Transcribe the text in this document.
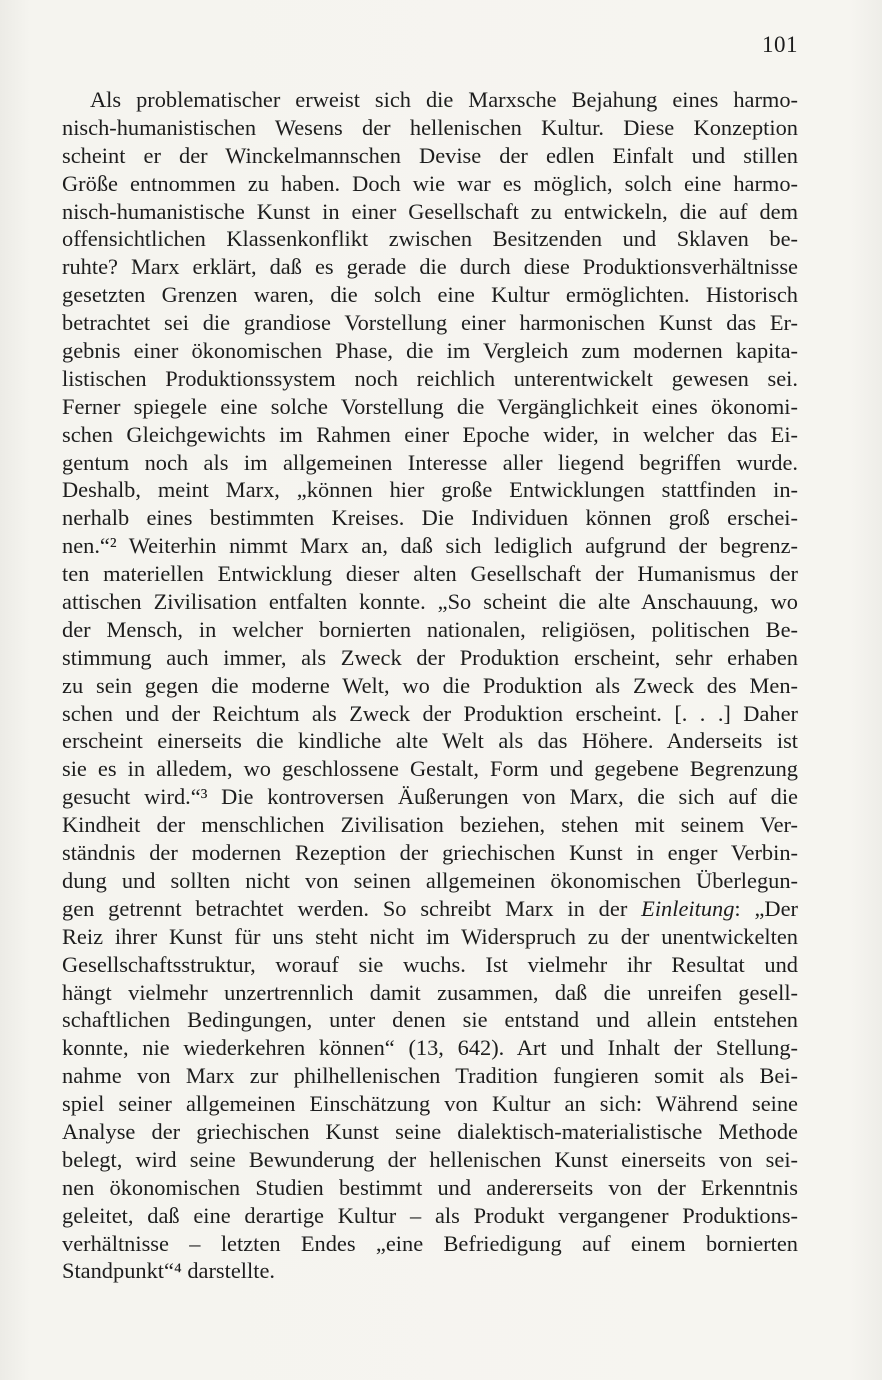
101
Als problematischer erweist sich die Marxsche Bejahung eines harmo-
nisch-humanistischen Wesens der hellenischen Kultur. Diese Konzeption
scheint er der Winckelmannschen Devise der edlen Einfalt und stillen
Größe entnommen zu haben. Doch wie war es möglich, solch eine harmo-
nisch-humanistische Kunst in einer Gesellschaft zu entwickeln, die auf dem
offensichtlichen Klassenkonflikt zwischen Besitzenden und Sklaven be-
ruhte? Marx erklärt, daß es gerade die durch diese Produktionsverhältnisse
gesetzten Grenzen waren, die solch eine Kultur ermöglichten. Historisch
betrachtet sei die grandiose Vorstellung einer harmonischen Kunst das Er-
gebnis einer ökonomischen Phase, die im Vergleich zum modernen kapita-
listischen Produktionssystem noch reichlich unterentwickelt gewesen sei.
Ferner spiegele eine solche Vorstellung die Vergänglichkeit eines ökonomi-
schen Gleichgewichts im Rahmen einer Epoche wider, in welcher das Ei-
gentum noch als im allgemeinen Interesse aller liegend begriffen wurde.
Deshalb, meint Marx, „können hier große Entwicklungen stattfinden in-
nerhalb eines bestimmten Kreises. Die Individuen können groß erschei-
nen.“² Weiterhin nimmt Marx an, daß sich lediglich aufgrund der begrenz-
ten materiellen Entwicklung dieser alten Gesellschaft der Humanismus der
attischen Zivilisation entfalten konnte. „So scheint die alte Anschauung, wo
der Mensch, in welcher bornierten nationalen, religiösen, politischen Be-
stimmung auch immer, als Zweck der Produktion erscheint, sehr erhaben
zu sein gegen die moderne Welt, wo die Produktion als Zweck des Men-
schen und der Reichtum als Zweck der Produktion erscheint. [. . .] Daher
erscheint einerseits die kindliche alte Welt als das Höhere. Anderseits ist
sie es in alledem, wo geschlossene Gestalt, Form und gegebene Begrenzung
gesucht wird.“³ Die kontroversen Äußerungen von Marx, die sich auf die
Kindheit der menschlichen Zivilisation beziehen, stehen mit seinem Ver-
ständnis der modernen Rezeption der griechischen Kunst in enger Verbin-
dung und sollten nicht von seinen allgemeinen ökonomischen Überlegun-
gen getrennt betrachtet werden. So schreibt Marx in der Einleitung: „Der
Reiz ihrer Kunst für uns steht nicht im Widerspruch zu der unentwickelten
Gesellschaftsstruktur, worauf sie wuchs. Ist vielmehr ihr Resultat und
hängt vielmehr unzertrennlich damit zusammen, daß die unreifen gesell-
schaftlichen Bedingungen, unter denen sie entstand und allein entstehen
konnte, nie wiederkehren können“ (13, 642). Art und Inhalt der Stellung-
nahme von Marx zur philhellenischen Tradition fungieren somit als Bei-
spiel seiner allgemeinen Einschätzung von Kultur an sich: Während seine
Analyse der griechischen Kunst seine dialektisch-materialistische Methode
belegt, wird seine Bewunderung der hellenischen Kunst einerseits von sei-
nen ökonomischen Studien bestimmt und andererseits von der Erkenntnis
geleitet, daß eine derartige Kultur – als Produkt vergangener Produktions-
verhältnisse – letzten Endes „eine Befriedigung auf einem bornierten
Standpunkt“⁴ darstellte.
